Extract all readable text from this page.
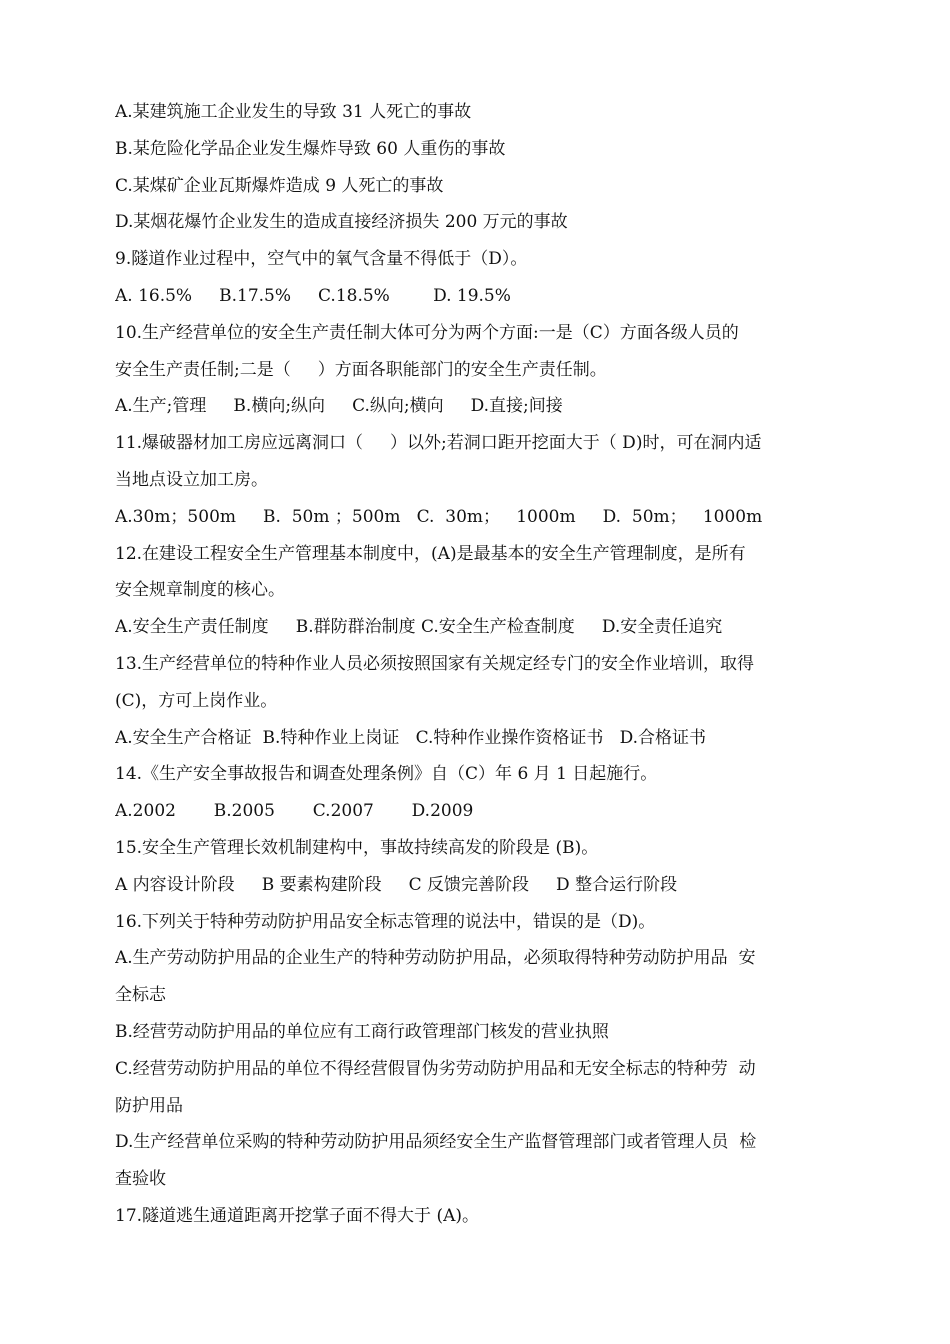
A.某建筑施工企业发生的导致 31 人死亡的事故
B.某危险化学品企业发生爆炸导致 60 人重伤的事故
C.某煤矿企业瓦斯爆炸造成 9 人死亡的事故
D.某烟花爆竹企业发生的造成直接经济损失 200 万元的事故
9.隧道作业过程中，空气中的氧气含量不得低于（D）。
A. 16.5%     B.17.5%     C.18.5%        D. 19.5%
10.生产经营单位的安全生产责任制大体可分为两个方面:一是（C）方面各级人员的
安全生产责任制;二是（     ）方面各职能部门的安全生产责任制。
A.生产;管理     B.横向;纵向     C.纵向;横向     D.直接;间接
11.爆破器材加工房应远离洞口（     ）以外;若洞口距开挖面大于（ D)时，可在洞内适
当地点设立加工房。
A.30m；500m     B.  50m ；500m   C.  30m；   1000m     D.  50m；   1000m
12.在建设工程安全生产管理基本制度中，(A)是最基本的安全生产管理制度，是所有
安全规章制度的核心。
A.安全生产责任制度     B.群防群治制度 C.安全生产检查制度     D.安全责任追究
13.生产经营单位的特种作业人员必须按照国家有关规定经专门的安全作业培训，取得
(C)，方可上岗作业。
A.安全生产合格证  B.特种作业上岗证   C.特种作业操作资格证书   D.合格证书
14.《生产安全事故报告和调查处理条例》自（C）年 6 月 1 日起施行。
A.2002       B.2005       C.2007       D.2009
15.安全生产管理长效机制建构中，事故持续高发的阶段是 (B)。
A 内容设计阶段     B 要素构建阶段     C 反馈完善阶段     D 整合运行阶段
16.下列关于特种劳动防护用品安全标志管理的说法中，错误的是（D)。
A.生产劳动防护用品的企业生产的特种劳动防护用品，必须取得特种劳动防护用品  安
全标志
B.经营劳动防护用品的单位应有工商行政管理部门核发的营业执照
C.经营劳动防护用品的单位不得经营假冒伪劣劳动防护用品和无安全标志的特种劳  动
防护用品
D.生产经营单位采购的特种劳动防护用品须经安全生产监督管理部门或者管理人员  检
查验收
17.隧道逃生通道距离开挖掌子面不得大于 (A)。
